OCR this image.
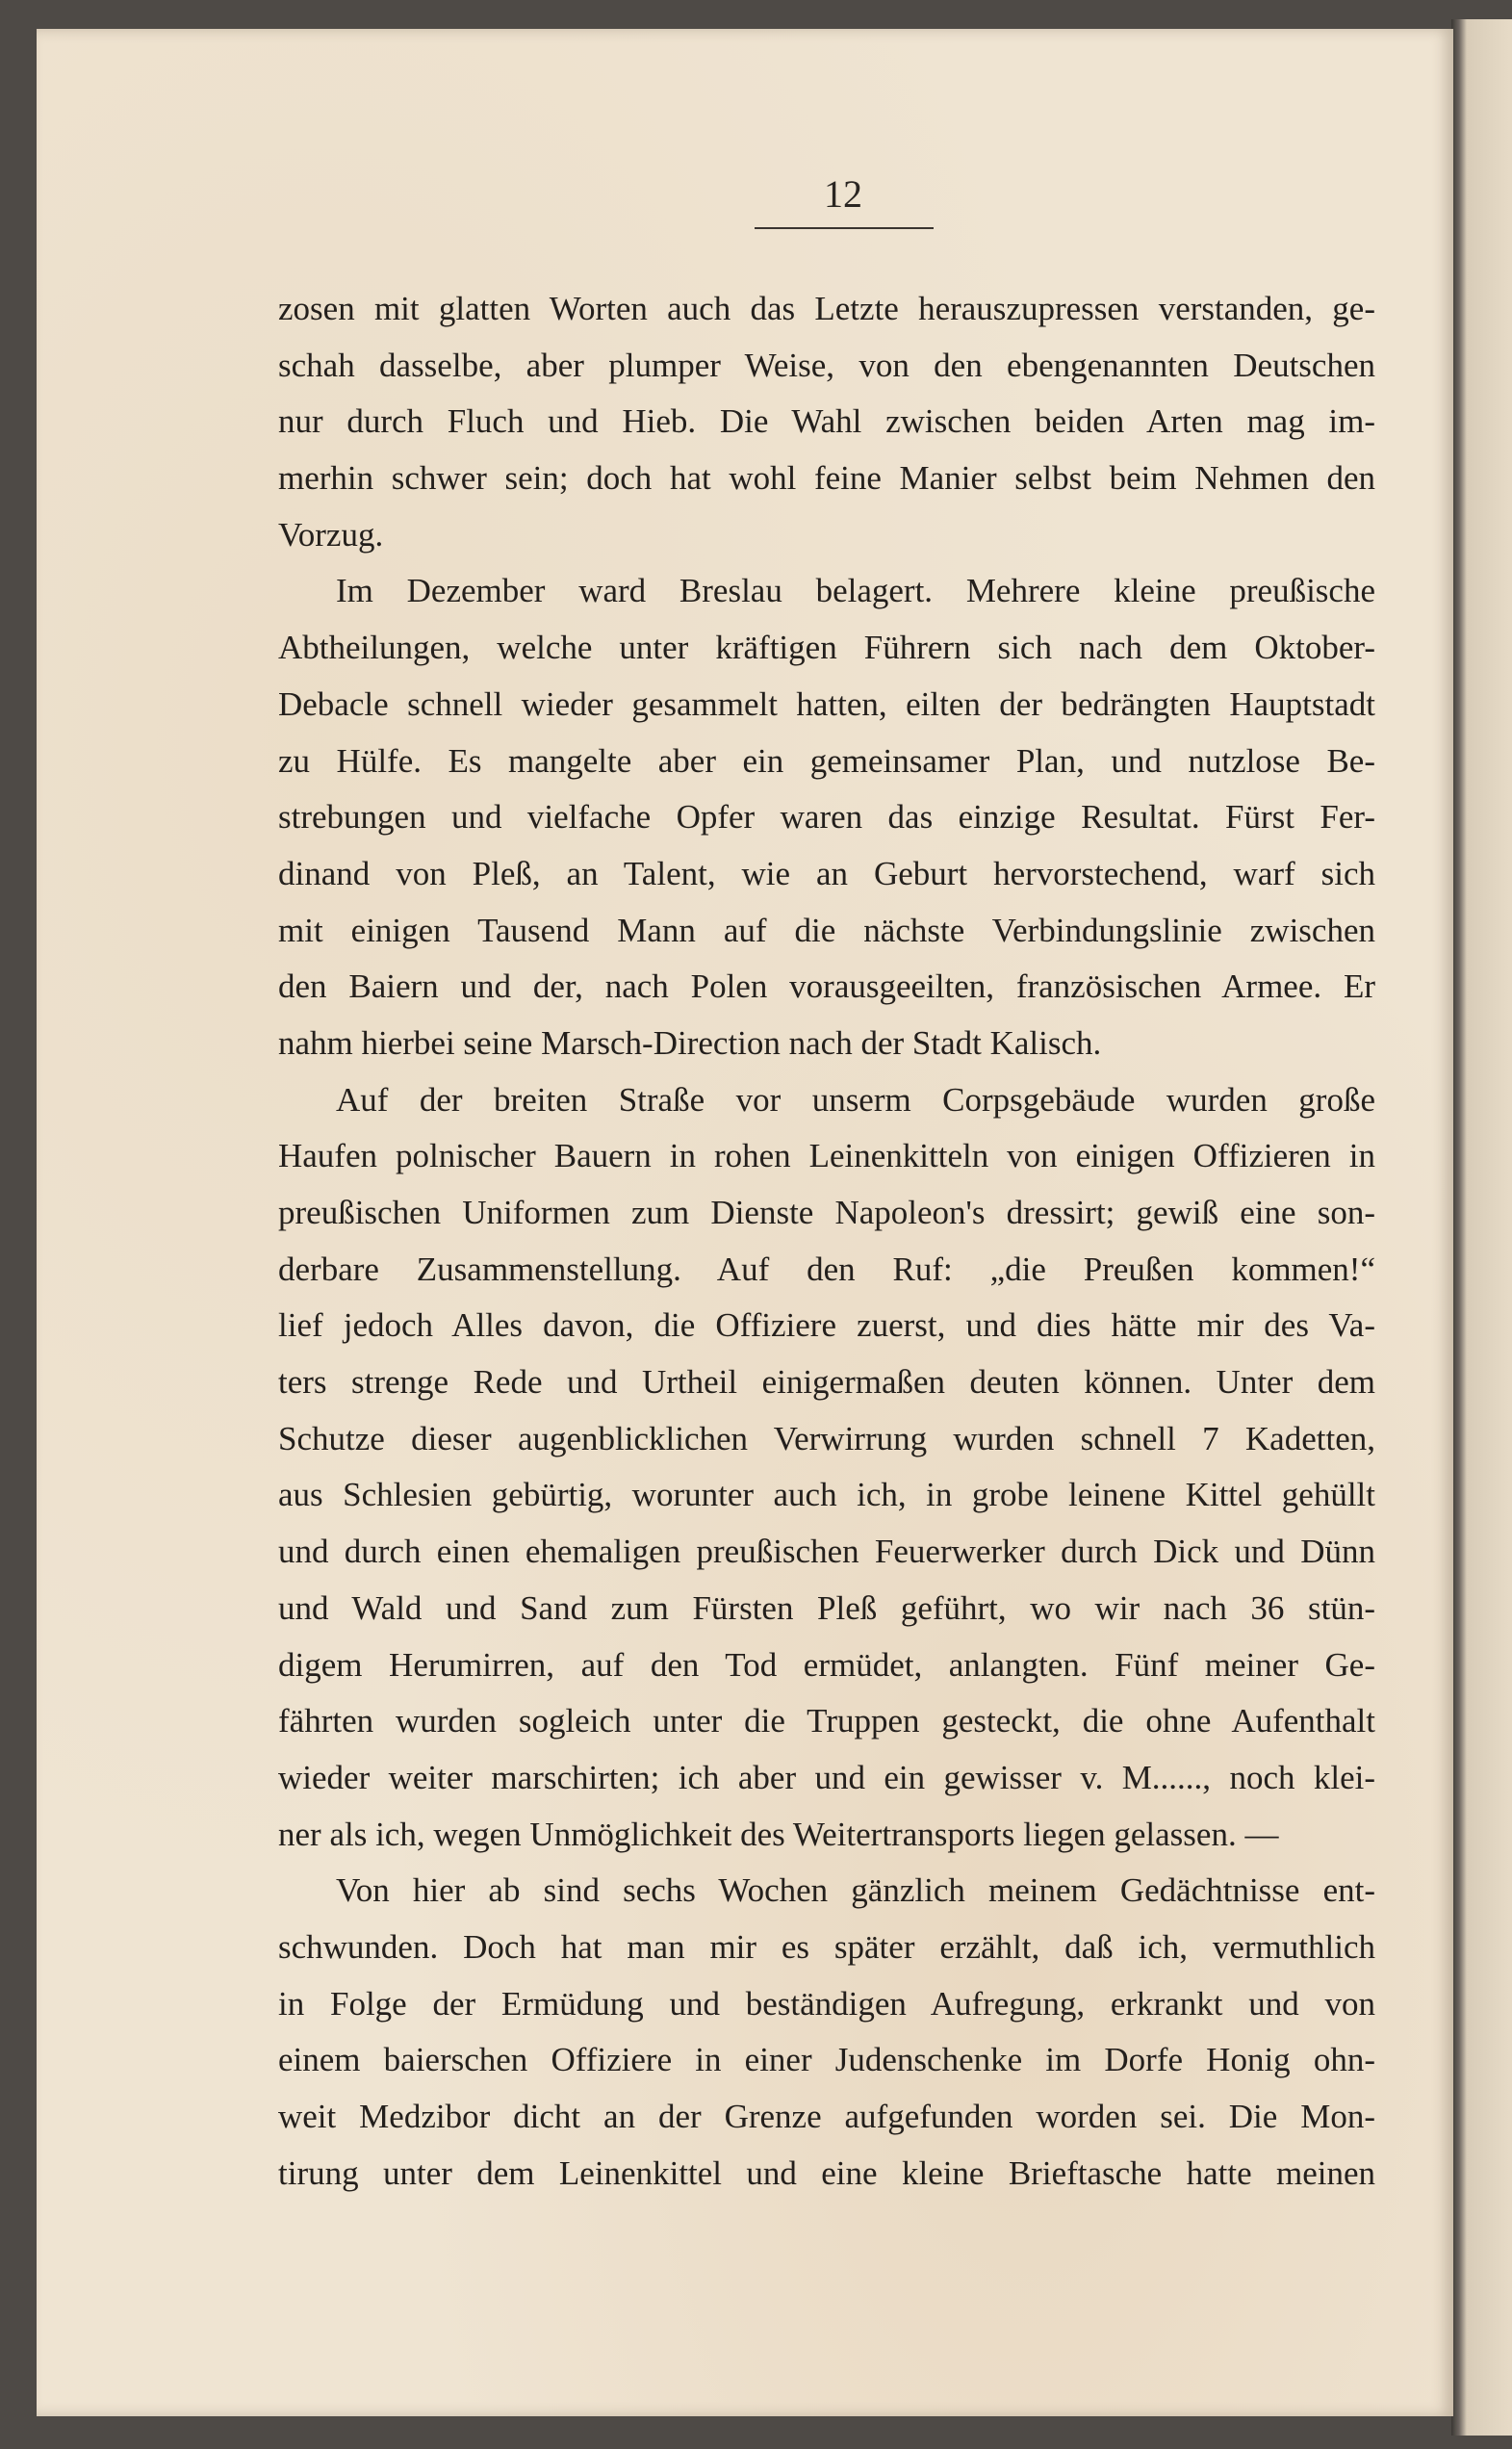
12
zosen mit glatten Worten auch das Letzte herauszupressen verstanden, ge-
schah dasselbe, aber plumper Weise, von den ebengenannten Deutschen
nur durch Fluch und Hieb. Die Wahl zwischen beiden Arten mag im-
merhin schwer sein; doch hat wohl feine Manier selbst beim Nehmen den
Vorzug.
Im Dezember ward Breslau belagert. Mehrere kleine preußische
Abtheilungen, welche unter kräftigen Führern sich nach dem Oktober-
Debacle schnell wieder gesammelt hatten, eilten der bedrängten Hauptstadt
zu Hülfe. Es mangelte aber ein gemeinsamer Plan, und nutzlose Be-
strebungen und vielfache Opfer waren das einzige Resultat. Fürst Fer-
dinand von Pleß, an Talent, wie an Geburt hervorstechend, warf sich
mit einigen Tausend Mann auf die nächste Verbindungslinie zwischen
den Baiern und der, nach Polen vorausgeeilten, französischen Armee. Er
nahm hierbei seine Marsch-Direction nach der Stadt Kalisch.
Auf der breiten Straße vor unserm Corpsgebäude wurden große
Haufen polnischer Bauern in rohen Leinenkitteln von einigen Offizieren in
preußischen Uniformen zum Dienste Napoleon's dressirt; gewiß eine son-
derbare Zusammenstellung. Auf den Ruf: „die Preußen kommen!“
lief jedoch Alles davon, die Offiziere zuerst, und dies hätte mir des Va-
ters strenge Rede und Urtheil einigermaßen deuten können. Unter dem
Schutze dieser augenblicklichen Verwirrung wurden schnell 7 Kadetten,
aus Schlesien gebürtig, worunter auch ich, in grobe leinene Kittel gehüllt
und durch einen ehemaligen preußischen Feuerwerker durch Dick und Dünn
und Wald und Sand zum Fürsten Pleß geführt, wo wir nach 36 stün-
digem Herumirren, auf den Tod ermüdet, anlangten. Fünf meiner Ge-
fährten wurden sogleich unter die Truppen gesteckt, die ohne Aufenthalt
wieder weiter marschirten; ich aber und ein gewisser v. M......, noch klei-
ner als ich, wegen Unmöglichkeit des Weitertransports liegen gelassen. —
Von hier ab sind sechs Wochen gänzlich meinem Gedächtnisse ent-
schwunden. Doch hat man mir es später erzählt, daß ich, vermuthlich
in Folge der Ermüdung und beständigen Aufregung, erkrankt und von
einem baierschen Offiziere in einer Judenschenke im Dorfe Honig ohn-
weit Medzibor dicht an der Grenze aufgefunden worden sei. Die Mon-
tirung unter dem Leinenkittel und eine kleine Brieftasche hatte meinen
